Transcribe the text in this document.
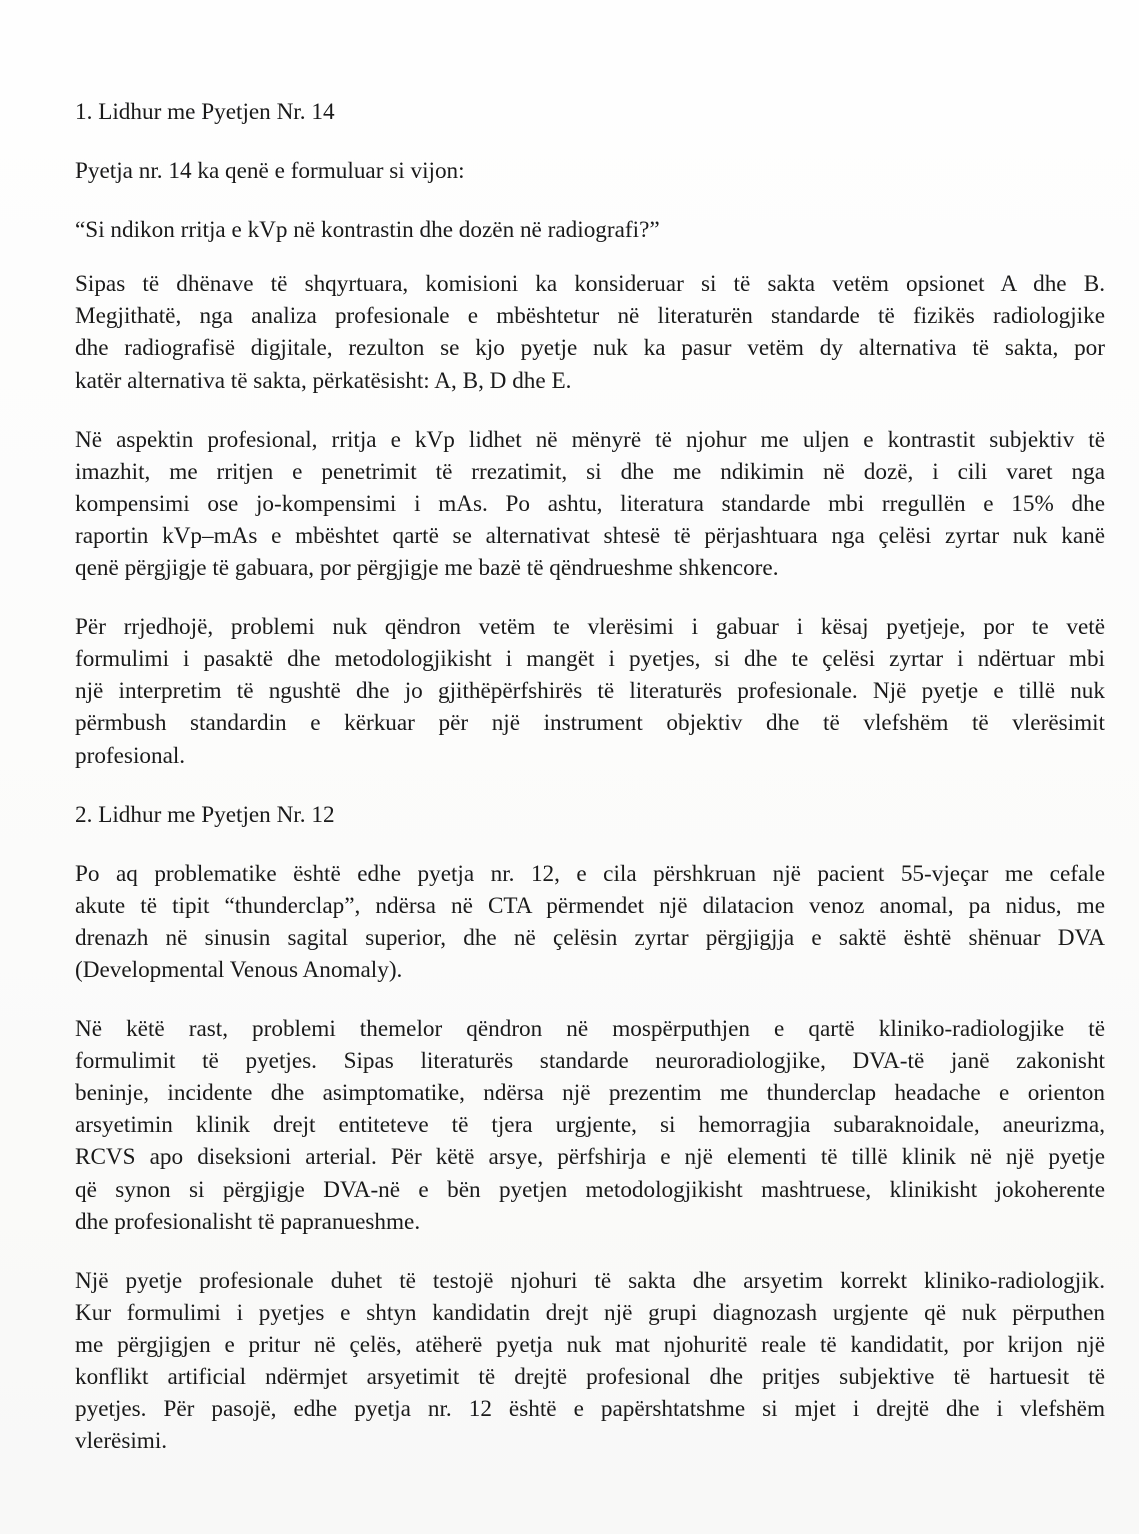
1. Lidhur me Pyetjen Nr. 14

Pyetja nr. 14 ka qenë e formuluar si vijon:

“Si ndikon rritja e kVp në kontrastin dhe dozën në radiografi?”

Sipas të dhënave të shqyrtuara, komisioni ka konsideruar si të sakta vetëm opsionet A dhe B.
Megjithatë, nga analiza profesionale e mbështetur në literaturën standarde të fizikës radiologjike
dhe radiografisë digjitale, rezulton se kjo pyetje nuk ka pasur vetëm dy alternativa të sakta, por
katër alternativa të sakta, përkatësisht: A, B, D dhe E.

Në aspektin profesional, rritja e kVp lidhet në mënyrë të njohur me uljen e kontrastit subjektiv të
imazhit, me rritjen e penetrimit të rrezatimit, si dhe me ndikimin në dozë, i cili varet nga
kompensimi ose jo-kompensimi i mAs. Po ashtu, literatura standarde mbi rregullën e 15% dhe
raportin kVp–mAs e mbështet qartë se alternativat shtesë të përjashtuara nga çelësi zyrtar nuk kanë
qenë përgjigje të gabuara, por përgjigje me bazë të qëndrueshme shkencore.

Për rrjedhojë, problemi nuk qëndron vetëm te vlerësimi i gabuar i kësaj pyetjeje, por te vetë
formulimi i pasaktë dhe metodologjikisht i mangët i pyetjes, si dhe te çelësi zyrtar i ndërtuar mbi
një interpretim të ngushtë dhe jo gjithëpërfshirës të literaturës profesionale. Një pyetje e tillë nuk
përmbush standardin e kërkuar për një instrument objektiv dhe të vlefshëm të vlerësimit
profesional.

2. Lidhur me Pyetjen Nr. 12

Po aq problematike është edhe pyetja nr. 12, e cila përshkruan një pacient 55-vjeçar me cefale
akute të tipit “thunderclap”, ndërsa në CTA përmendet një dilatacion venoz anomal, pa nidus, me
drenazh në sinusin sagital superior, dhe në çelësin zyrtar përgjigjja e saktë është shënuar DVA
(Developmental Venous Anomaly).

Në këtë rast, problemi themelor qëndron në mospërputhjen e qartë kliniko-radiologjike të
formulimit të pyetjes. Sipas literaturës standarde neuroradiologjike, DVA-të janë zakonisht
beninje, incidente dhe asimptomatike, ndërsa një prezentim me thunderclap headache e orienton
arsyetimin klinik drejt entiteteve të tjera urgjente, si hemorragjia subaraknoidale, aneurizma,
RCVS apo diseksioni arterial. Për këtë arsye, përfshirja e një elementi të tillë klinik në një pyetje
që synon si përgjigje DVA-në e bën pyetjen metodologjikisht mashtruese, klinikisht jokoherente
dhe profesionalisht të papranueshme.

Një pyetje profesionale duhet të testojë njohuri të sakta dhe arsyetim korrekt kliniko-radiologjik.
Kur formulimi i pyetjes e shtyn kandidatin drejt një grupi diagnozash urgjente që nuk përputhen
me përgjigjen e pritur në çelës, atëherë pyetja nuk mat njohuritë reale të kandidatit, por krijon një
konflikt artificial ndërmjet arsyetimit të drejtë profesional dhe pritjes subjektive të hartuesit të
pyetjes. Për pasojë, edhe pyetja nr. 12 është e papërshtatshme si mjet i drejtë dhe i vlefshëm
vlerësimi.
